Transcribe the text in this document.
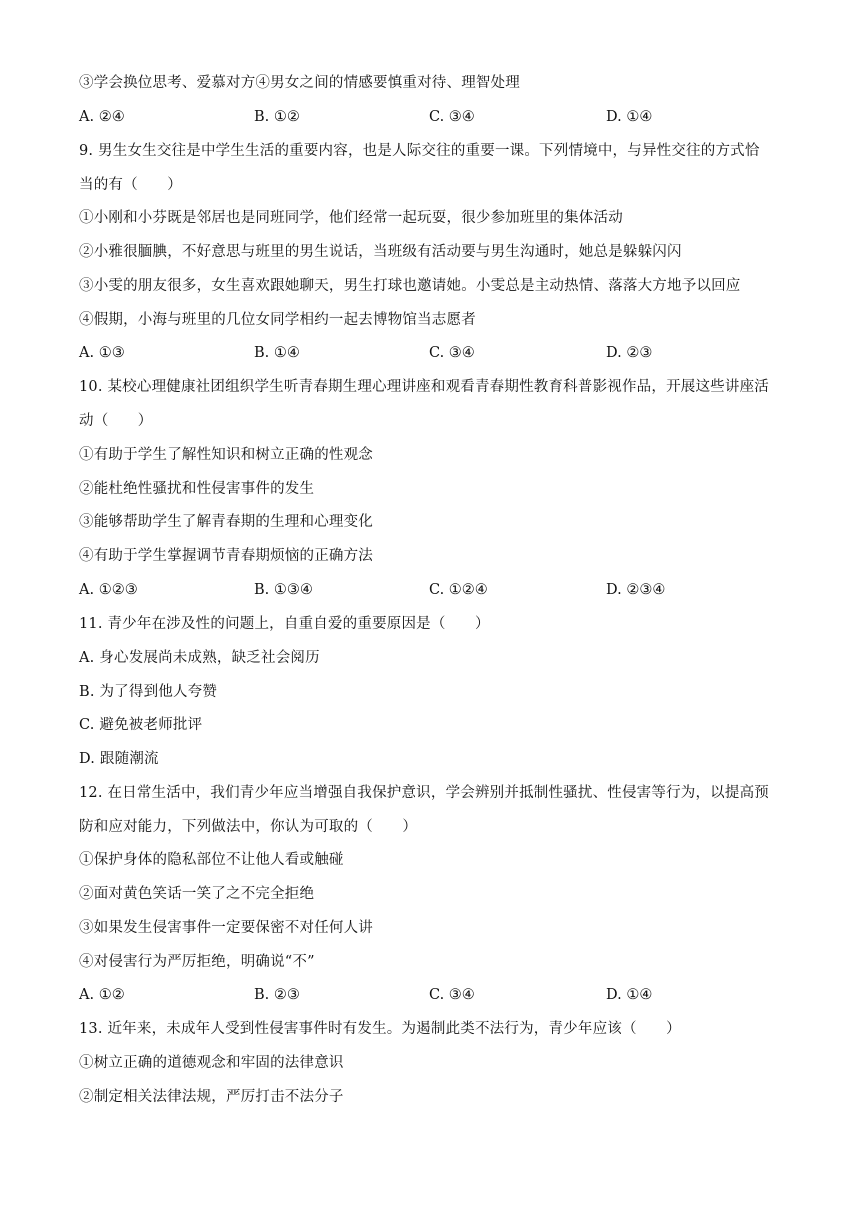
③学会换位思考、爱慕对方④男女之间的情感要慎重对待、理智处理
A. ②④	B. ①②	C. ③④	D. ①④
9. 男生女生交往是中学生生活的重要内容，也是人际交往的重要一课。下列情境中，与异性交往的方式恰
当的有（　　）
①小刚和小芬既是邻居也是同班同学，他们经常一起玩耍，很少参加班里的集体活动
②小雅很腼腆，不好意思与班里的男生说话，当班级有活动要与男生沟通时，她总是躲躲闪闪
③小雯的朋友很多，女生喜欢跟她聊天，男生打球也邀请她。小雯总是主动热情、落落大方地予以回应
④假期，小海与班里的几位女同学相约一起去博物馆当志愿者
A. ①③	B. ①④	C. ③④	D. ②③
10. 某校心理健康社团组织学生听青春期生理心理讲座和观看青春期性教育科普影视作品，开展这些讲座活
动（　　）
①有助于学生了解性知识和树立正确的性观念
②能杜绝性骚扰和性侵害事件的发生
③能够帮助学生了解青春期的生理和心理变化
④有助于学生掌握调节青春期烦恼的正确方法
A. ①②③	B. ①③④	C. ①②④	D. ②③④
11. 青少年在涉及性的问题上，自重自爱的重要原因是（　　）
A. 身心发展尚未成熟，缺乏社会阅历
B. 为了得到他人夸赞
C. 避免被老师批评
D. 跟随潮流
12. 在日常生活中，我们青少年应当增强自我保护意识，学会辨别并抵制性骚扰、性侵害等行为，以提高预
防和应对能力，下列做法中，你认为可取的（　　）
①保护身体的隐私部位不让他人看或触碰
②面对黄色笑话一笑了之不完全拒绝
③如果发生侵害事件一定要保密不对任何人讲
④对侵害行为严厉拒绝，明确说“不”
A. ①②	B. ②③	C. ③④	D. ①④
13. 近年来，未成年人受到性侵害事件时有发生。为遏制此类不法行为，青少年应该（　　）
①树立正确的道德观念和牢固的法律意识
②制定相关法律法规，严厉打击不法分子
